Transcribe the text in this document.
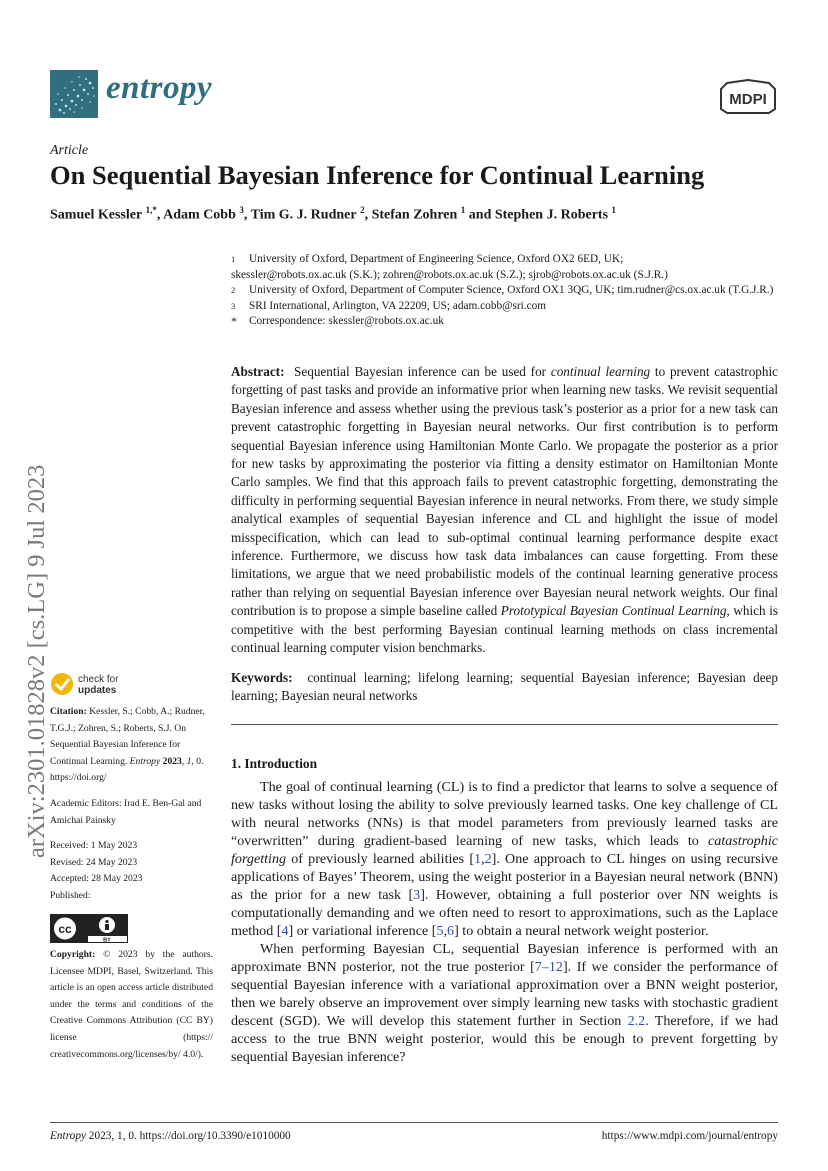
entropy	MDPI
Article
On Sequential Bayesian Inference for Continual Learning
Samuel Kessler $^{1,*}$, Adam Cobb $^3$, Tim G. J. Rudner $^2$, Stefan Zohren $^1$ and Stephen J. Roberts $^1$
1	University of Oxford, Department of Engineering Science, Oxford OX2 6ED, UK;
skessler@robots.ox.ac.uk (S.K.); zohren@robots.ox.ac.uk (S.Z.); sjrob@robots.ox.ac.uk (S.J.R.)
2	University of Oxford, Department of Computer Science, Oxford OX1 3QG, UK; tim.rudner@cs.ox.ac.uk (T.G.J.R.)
3	SRI International, Arlington, VA 22209, US; adam.cobb@sri.com
*	Correspondence: skessler@robots.ox.ac.uk
Abstract: Sequential Bayesian inference can be used for continual learning to prevent catastrophic forgetting of past tasks and provide an informative prior when learning new tasks. We revisit sequential Bayesian inference and assess whether using the previous task’s posterior as a prior for a new task can prevent catastrophic forgetting in Bayesian neural networks. Our first contribution is to perform sequential Bayesian inference using Hamiltonian Monte Carlo. We propagate the posterior as a prior for new tasks by approximating the posterior via fitting a density estimator on Hamiltonian Monte Carlo samples. We find that this approach fails to prevent catastrophic forgetting, demonstrating the difficulty in performing sequential Bayesian inference in neural networks. From there, we study simple analytical examples of sequential Bayesian inference and CL and highlight the issue of model misspecification, which can lead to sub-optimal continual learning performance despite exact inference. Furthermore, we discuss how task data imbalances can cause forgetting. From these limitations, we argue that we need probabilistic models of the continual learning generative process rather than relying on sequential Bayesian inference over Bayesian neural network weights. Our final contribution is to propose a simple baseline called Prototypical Bayesian Continual Learning, which is competitive with the best performing Bayesian continual learning methods on class incremental continual learning computer vision benchmarks.
Keywords: continual learning; lifelong learning; sequential Bayesian inference; Bayesian deep learning; Bayesian neural networks
1. Introduction

The goal of continual learning (CL) is to find a predictor that learns to solve a sequence of new tasks without losing the ability to solve previously learned tasks. One key challenge of CL with neural networks (NNs) is that model parameters from previously learned tasks are “overwritten” during gradient-based learning of new tasks, which leads to catastrophic forgetting of previously learned abilities [1,2]. One approach to CL hinges on using recursive applications of Bayes’ Theorem, using the weight posterior in a Bayesian neural network (BNN) as the prior for a new task [3]. However, obtaining a full posterior over NN weights is computationally demanding and we often need to resort to approximations, such as the Laplace method [4] or variational inference [5,6] to obtain a neural network weight posterior.

When performing Bayesian CL, sequential Bayesian inference is performed with an approximate BNN posterior, not the true posterior [7–12]. If we consider the performance of sequential Bayesian inference with a variational approximation over a BNN weight posterior, then we barely observe an improvement over simply learning new tasks with stochastic gradient descent (SGD). We will develop this statement further in Section 2.2. Therefore, if we had access to the true BNN weight posterior, would this be enough to prevent forgetting by sequential Bayesian inference?

arXiv:2301.01828v2 [cs.LG] 9 Jul 2023	check for
updates
Citation: Kessler, S.; Cobb, A.; Rudner, T.G.J.; Zohren, S.; Roberts, S.J. On Sequential Bayesian Inference for Continual Learning. Entropy 2023, 1, 0. https://doi.org/
Academic Editors: Irad E. Ben-Gal and Amichai Painsky
Received: 1 May 2023
Revised: 24 May 2023
Accepted: 28 May 2023
Published:
cc
BY
Copyright: © 2023 by the authors. Licensee MDPI, Basel, Switzerland. This article is an open access article distributed under the terms and conditions of the Creative Commons Attribution (CC BY) license (https:// creativecommons.org/licenses/by/ 4.0/).
Entropy 2023, 1, 0. https://doi.org/10.3390/e1010000	https://www.mdpi.com/journal/entropy
